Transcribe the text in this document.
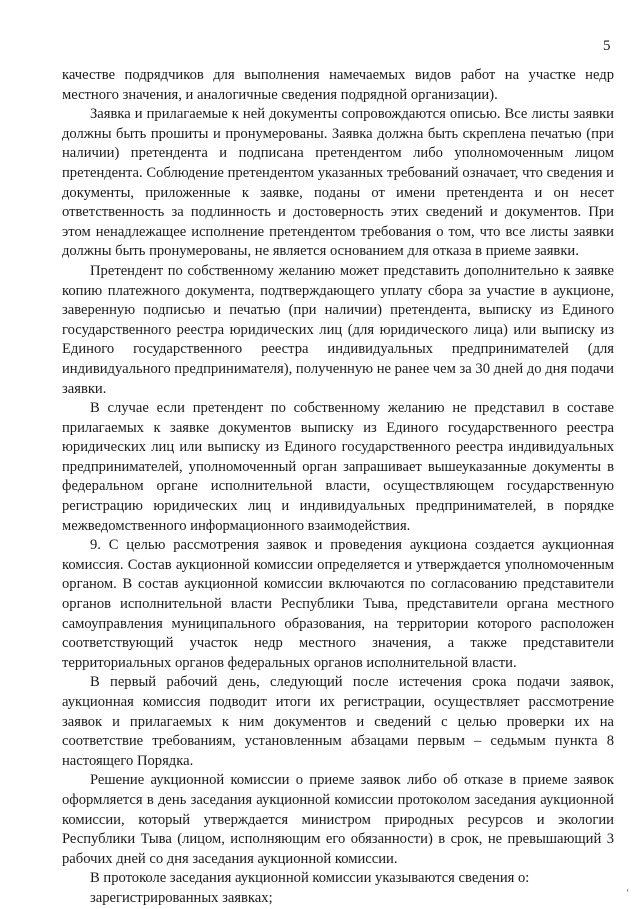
5

качестве подрядчиков для выполнения намечаемых видов работ на участке недр местного значения, и аналогичные сведения подрядной организации).

Заявка и прилагаемые к ней документы сопровождаются описью. Все листы заявки должны быть прошиты и пронумерованы. Заявка должна быть скреплена печатью (при наличии) претендента и подписана претендентом либо уполномоченным лицом претендента. Соблюдение претендентом указанных требований означает, что сведения и документы, приложенные к заявке, поданы от имени претендента и он несет ответственность за подлинность и достоверность этих сведений и документов. При этом ненадлежащее исполнение претендентом требования о том, что все листы заявки должны быть пронумерованы, не является основанием для отказа в приеме заявки.

Претендент по собственному желанию может представить дополнительно к заявке копию платежного документа, подтверждающего уплату сбора за участие в аукционе, заверенную подписью и печатью (при наличии) претендента, выписку из Единого государственного реестра юридических лиц (для юридического лица) или выписку из Единого государственного реестра индивидуальных предпринимателей (для индивидуального предпринимателя), полученную не ранее чем за 30 дней до дня подачи заявки.

В случае если претендент по собственному желанию не представил в составе прилагаемых к заявке документов выписку из Единого государственного реестра юридических лиц или выписку из Единого государственного реестра индивидуальных предпринимателей, уполномоченный орган запрашивает вышеуказанные документы в федеральном органе исполнительной власти, осуществляющем государственную регистрацию юридических лиц и индивидуальных предпринимателей, в порядке межведомственного информационного взаимодействия.

9. С целью рассмотрения заявок и проведения аукциона создается аукционная комиссия. Состав аукционной комиссии определяется и утверждается уполномоченным органом. В состав аукционной комиссии включаются по согласованию представители органов исполнительной власти Республики Тыва, представители органа местного самоуправления муниципального образования, на территории которого расположен соответствующий участок недр местного значения, а также представители территориальных органов федеральных органов исполнительной власти.

В первый рабочий день, следующий после истечения срока подачи заявок, аукционная комиссия подводит итоги их регистрации, осуществляет рассмотрение заявок и прилагаемых к ним документов и сведений с целью проверки их на соответствие требованиям, установленным абзацами первым – седьмым пункта 8 настоящего Порядка.

Решение аукционной комиссии о приеме заявок либо об отказе в приеме заявок оформляется в день заседания аукционной комиссии протоколом заседания аукционной комиссии, который утверждается министром природных ресурсов и экологии Республики Тыва (лицом, исполняющим его обязанности) в срок, не превышающий 3 рабочих дней со дня заседания аукционной комиссии.

В протоколе заседания аукционной комиссии указываются сведения о:

зарегистрированных заявках;	‘
